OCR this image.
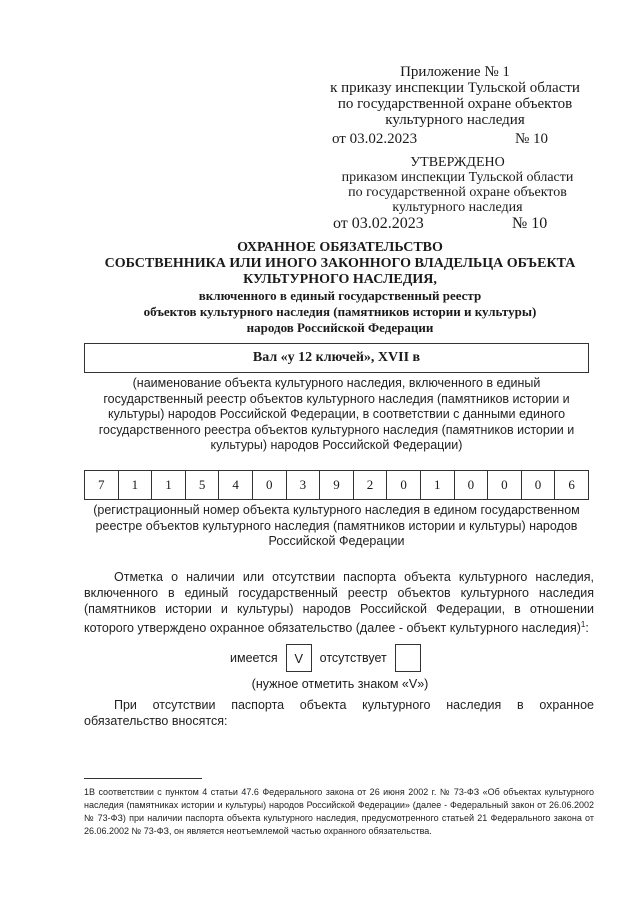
Приложение № 1
к приказу инспекции Тульской области
по государственной охране объектов
культурного наследия
от 03.02.2023	№ 10
УТВЕРЖДЕНО
приказом инспекции Тульской области
по государственной охране объектов
культурного наследия
от 03.02.2023	№ 10
ОХРАННОЕ ОБЯЗАТЕЛЬСТВО
СОБСТВЕННИКА ИЛИ ИНОГО ЗАКОННОГО ВЛАДЕЛЬЦА ОБЪЕКТА
КУЛЬТУРНОГО НАСЛЕДИЯ,
включенного в единый государственный реестр
объектов культурного наследия (памятников истории и культуры)
народов Российской Федерации
Вал «у 12 ключей», XVII в
(наименование объекта культурного наследия, включенного в единый государственный реестр объектов культурного наследия (памятников истории и культуры) народов Российской Федерации, в соответствии с данными единого государственного реестра объектов культурного наследия (памятников истории и культуры) народов Российской Федерации)
7	1	1	5	4	0	3	9	2	0	1	0	0	0	6
(регистрационный номер объекта культурного наследия в едином государственном реестре объектов культурного наследия (памятников истории и культуры) народов Российской Федерации
Отметка о наличии или отсутствии паспорта объекта культурного наследия, включенного в единый государственный реестр объектов культурного наследия (памятников истории и культуры) народов Российской Федерации, в отношении которого утверждено охранное обязательство (далее - объект культурного наследия)$^1$:
имеется	V	отсутствует
(нужное отметить знаком «V»)
При отсутствии паспорта объекта культурного наследия в охранное обязательство вносятся:
1В соответствии с пунктом 4 статьи 47.6 Федерального закона от 26 июня 2002 г. № 73-ФЗ «Об объектах культурного наследия (памятниках истории и культуры) народов Российской Федерации» (далее - Федеральный закон от 26.06.2002 № 73-ФЗ) при наличии паспорта объекта культурного наследия, предусмотренного статьей 21 Федерального закона от 26.06.2002 № 73-ФЗ, он является неотъемлемой частью охранного обязательства.
